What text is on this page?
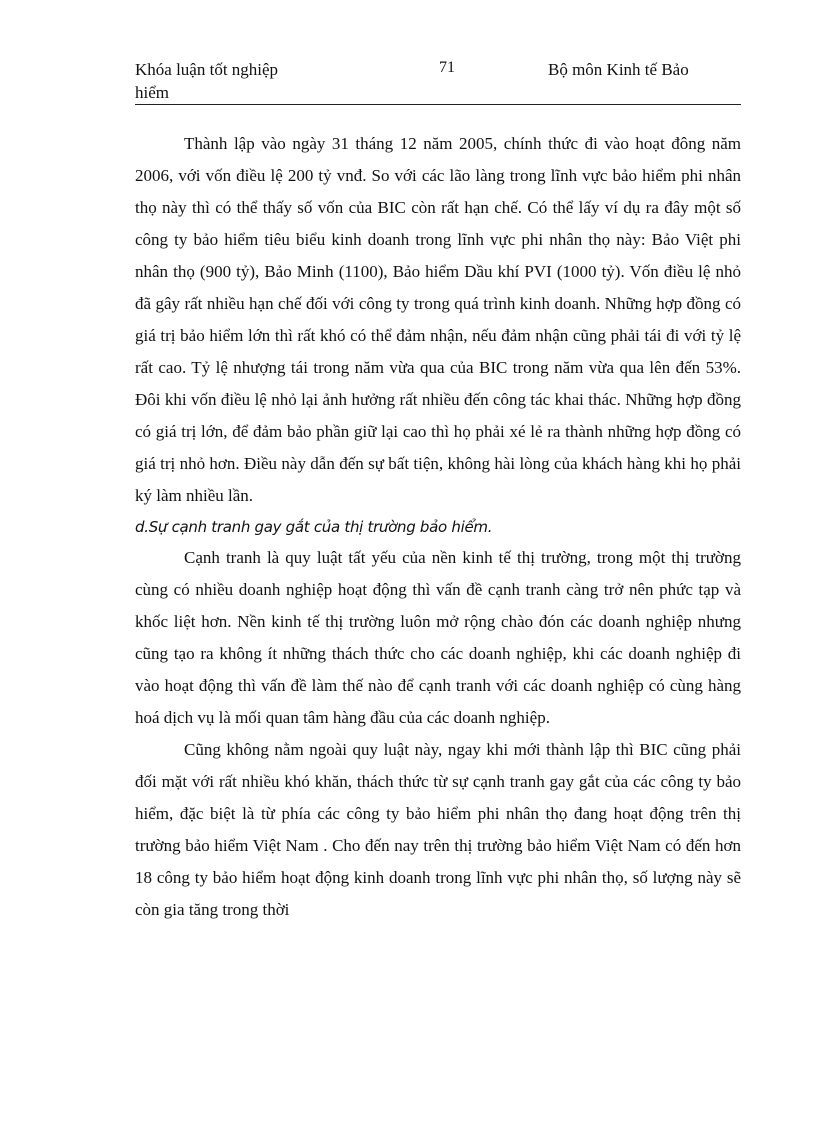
Khóa luận tốt nghiệp
hiểm
71	Bộ môn Kinh tế Bảo

Thành lập vào ngày 31 tháng 12 năm 2005, chính thức đi vào hoạt đông năm 2006, với vốn điều lệ 200 tỷ vnđ. So với các lão làng trong lĩnh vực bảo hiểm phi nhân thọ này thì có thể thấy số vốn của BIC còn rất hạn chế. Có thể lấy ví dụ ra đây một số công ty bảo hiểm tiêu biểu kinh doanh trong lĩnh vực phi nhân thọ này: Bảo Việt phi nhân thọ (900 tỷ), Bảo Minh (1100), Bảo hiểm Dầu khí PVI (1000 tỷ). Vốn điều lệ nhỏ đã gây rất nhiều hạn chế đối với công ty trong quá trình kinh doanh. Những hợp đồng có giá trị bảo hiểm lớn thì rất khó có thể đảm nhận, nếu đảm nhận cũng phải tái đi với tỷ lệ rất cao. Tỷ lệ nhượng tái trong năm vừa qua của BIC trong năm vừa qua lên đến 53%. Đôi khi vốn điều lệ nhỏ lại ảnh hưởng rất nhiều đến công tác khai thác. Những hợp đồng có giá trị lớn, để đảm bảo phần giữ lại cao thì họ phải xé lẻ ra thành những hợp đồng có giá trị nhỏ hơn. Điều này dẫn đến sự bất tiện, không hài lòng của khách hàng khi họ phải ký làm nhiều lần.

d.Sự cạnh tranh gay gắt của thị trường bảo hiểm.

Cạnh tranh là quy luật tất yếu của nền kinh tế thị trường, trong một thị trường cùng có nhiều doanh nghiệp hoạt động thì vấn đề cạnh tranh càng trở nên phức tạp và khốc liệt hơn. Nền kinh tế thị trường luôn mở rộng chào đón các doanh nghiệp nhưng cũng tạo ra không ít những thách thức cho các doanh nghiệp, khi các doanh nghiệp đi vào hoạt động thì vấn đề làm thế nào để cạnh tranh với các doanh nghiệp có cùng hàng hoá dịch vụ là mối quan tâm hàng đầu của các doanh nghiệp.

Cũng không nằm ngoài quy luật này, ngay khi mới thành lập thì BIC cũng phải đối mặt với rất nhiều khó khăn, thách thức từ sự cạnh tranh gay gắt của các công ty bảo hiểm, đặc biệt là từ phía các công ty bảo hiểm phi nhân thọ đang hoạt động trên thị trường bảo hiểm Việt Nam . Cho đến nay trên thị trường bảo hiểm Việt Nam có đến hơn 18 công ty bảo hiểm hoạt động kinh doanh trong lĩnh vực phi nhân thọ, số lượng này sẽ còn gia tăng trong thời
